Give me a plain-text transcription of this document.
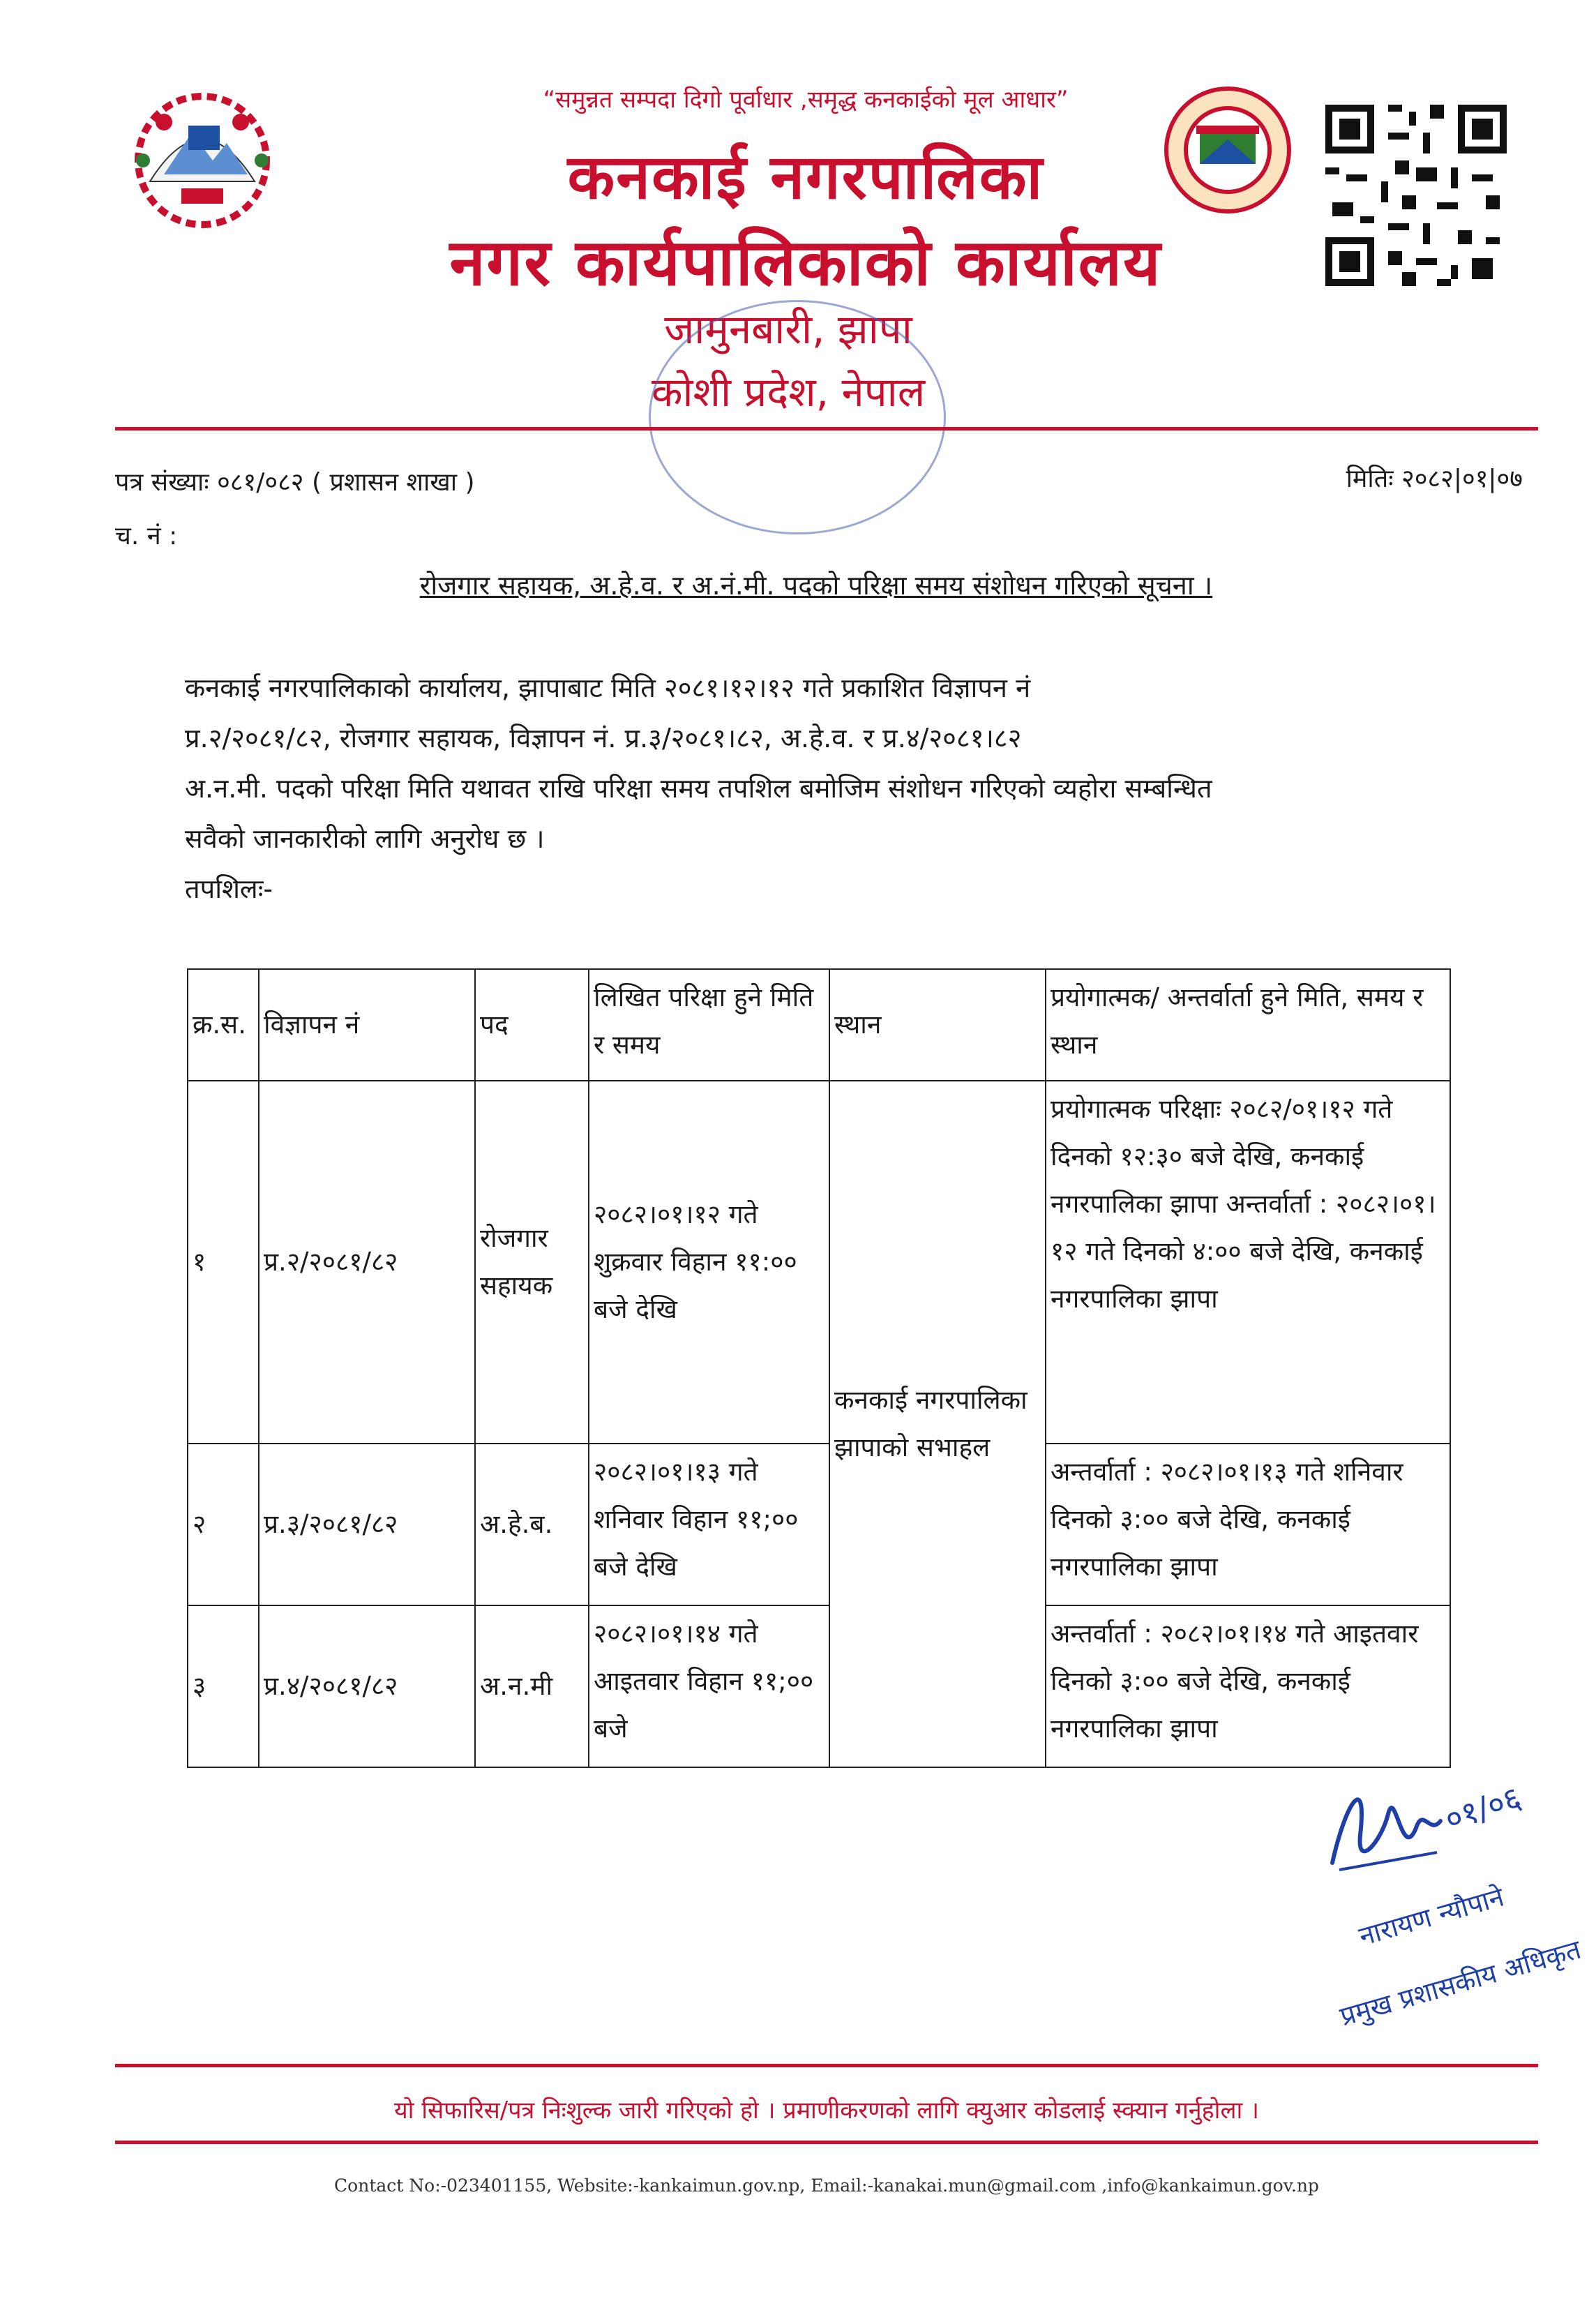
“समुन्नत सम्पदा दिगो पूर्वाधार ,समृद्ध कनकाईको मूल आधार”
कनकाई नगरपालिका
नगर कार्यपालिकाको कार्यालय
जामुनबारी, झापा
कोशी प्रदेश, नेपाल
पत्र संख्याः ०८१/०८२ ( प्रशासन शाखा )
च. नं :
मितिः २०८२|०१|०७
रोजगार सहायक, अ.हे.व. र अ.नं.मी. पदको परिक्षा समय संशोधन गरिएको सूचना ।
कनकाई नगरपालिकाको कार्यालय, झापाबाट मिति २०८१।१२।१२ गते प्रकाशित विज्ञापन नं
प्र.२/२०८१/८२, रोजगार सहायक, विज्ञापन नं. प्र.३/२०८१।८२, अ.हे.व. र प्र.४/२०८१।८२
अ.न.मी. पदको परिक्षा मिति यथावत राखि परिक्षा समय तपशिल बमोजिम संशोधन गरिएको व्यहोरा सम्बन्धित
सवैको जानकारीको लागि अनुरोध छ ।
तपशिलः-
क्र.स.	विज्ञापन नं	पद	लिखित परिक्षा हुने मिति र समय	स्थान	प्रयोगात्मक/ अन्तर्वार्ता हुने मिति, समय र स्थान
१	प्र.२/२०८१/८२	रोजगार सहायक	२०८२।०१।१२ गते शुक्रवार विहान ११:०० बजे देखि	कनकाई नगरपालिका झापाको सभाहल	प्रयोगात्मक परिक्षाः २०८२/०१।१२ गते दिनको १२:३० बजे देखि, कनकाई नगरपालिका झापा अन्तर्वार्ता : २०८२।०१।१२ गते दिनको ४:०० बजे देखि, कनकाई नगरपालिका झापा
२	प्र.३/२०८१/८२	अ.हे.ब.	२०८२।०१।१३ गते शनिवार विहान ११;०० बजे देखि		अन्तर्वार्ता : २०८२।०१।१३ गते शनिवार दिनको ३:०० बजे देखि, कनकाई नगरपालिका झापा
३	प्र.४/२०८१/८२	अ.न.मी	२०८२।०१।१४ गते आइतवार विहान ११;०० बजे		अन्तर्वार्ता : २०८२।०१।१४ गते आइतवार दिनको ३:०० बजे देखि, कनकाई नगरपालिका झापा
०१/०६
नारायण न्यौपाने
प्रमुख प्रशासकीय अधिकृत
यो सिफारिस/पत्र निःशुल्क जारी गरिएको हो । प्रमाणीकरणको लागि क्युआर कोडलाई स्क्यान गर्नुहोला ।
Contact No:-023401155, Website:-kankaimun.gov.np, Email:-kanakai.mun@gmail.com ,info@kankaimun.gov.np
